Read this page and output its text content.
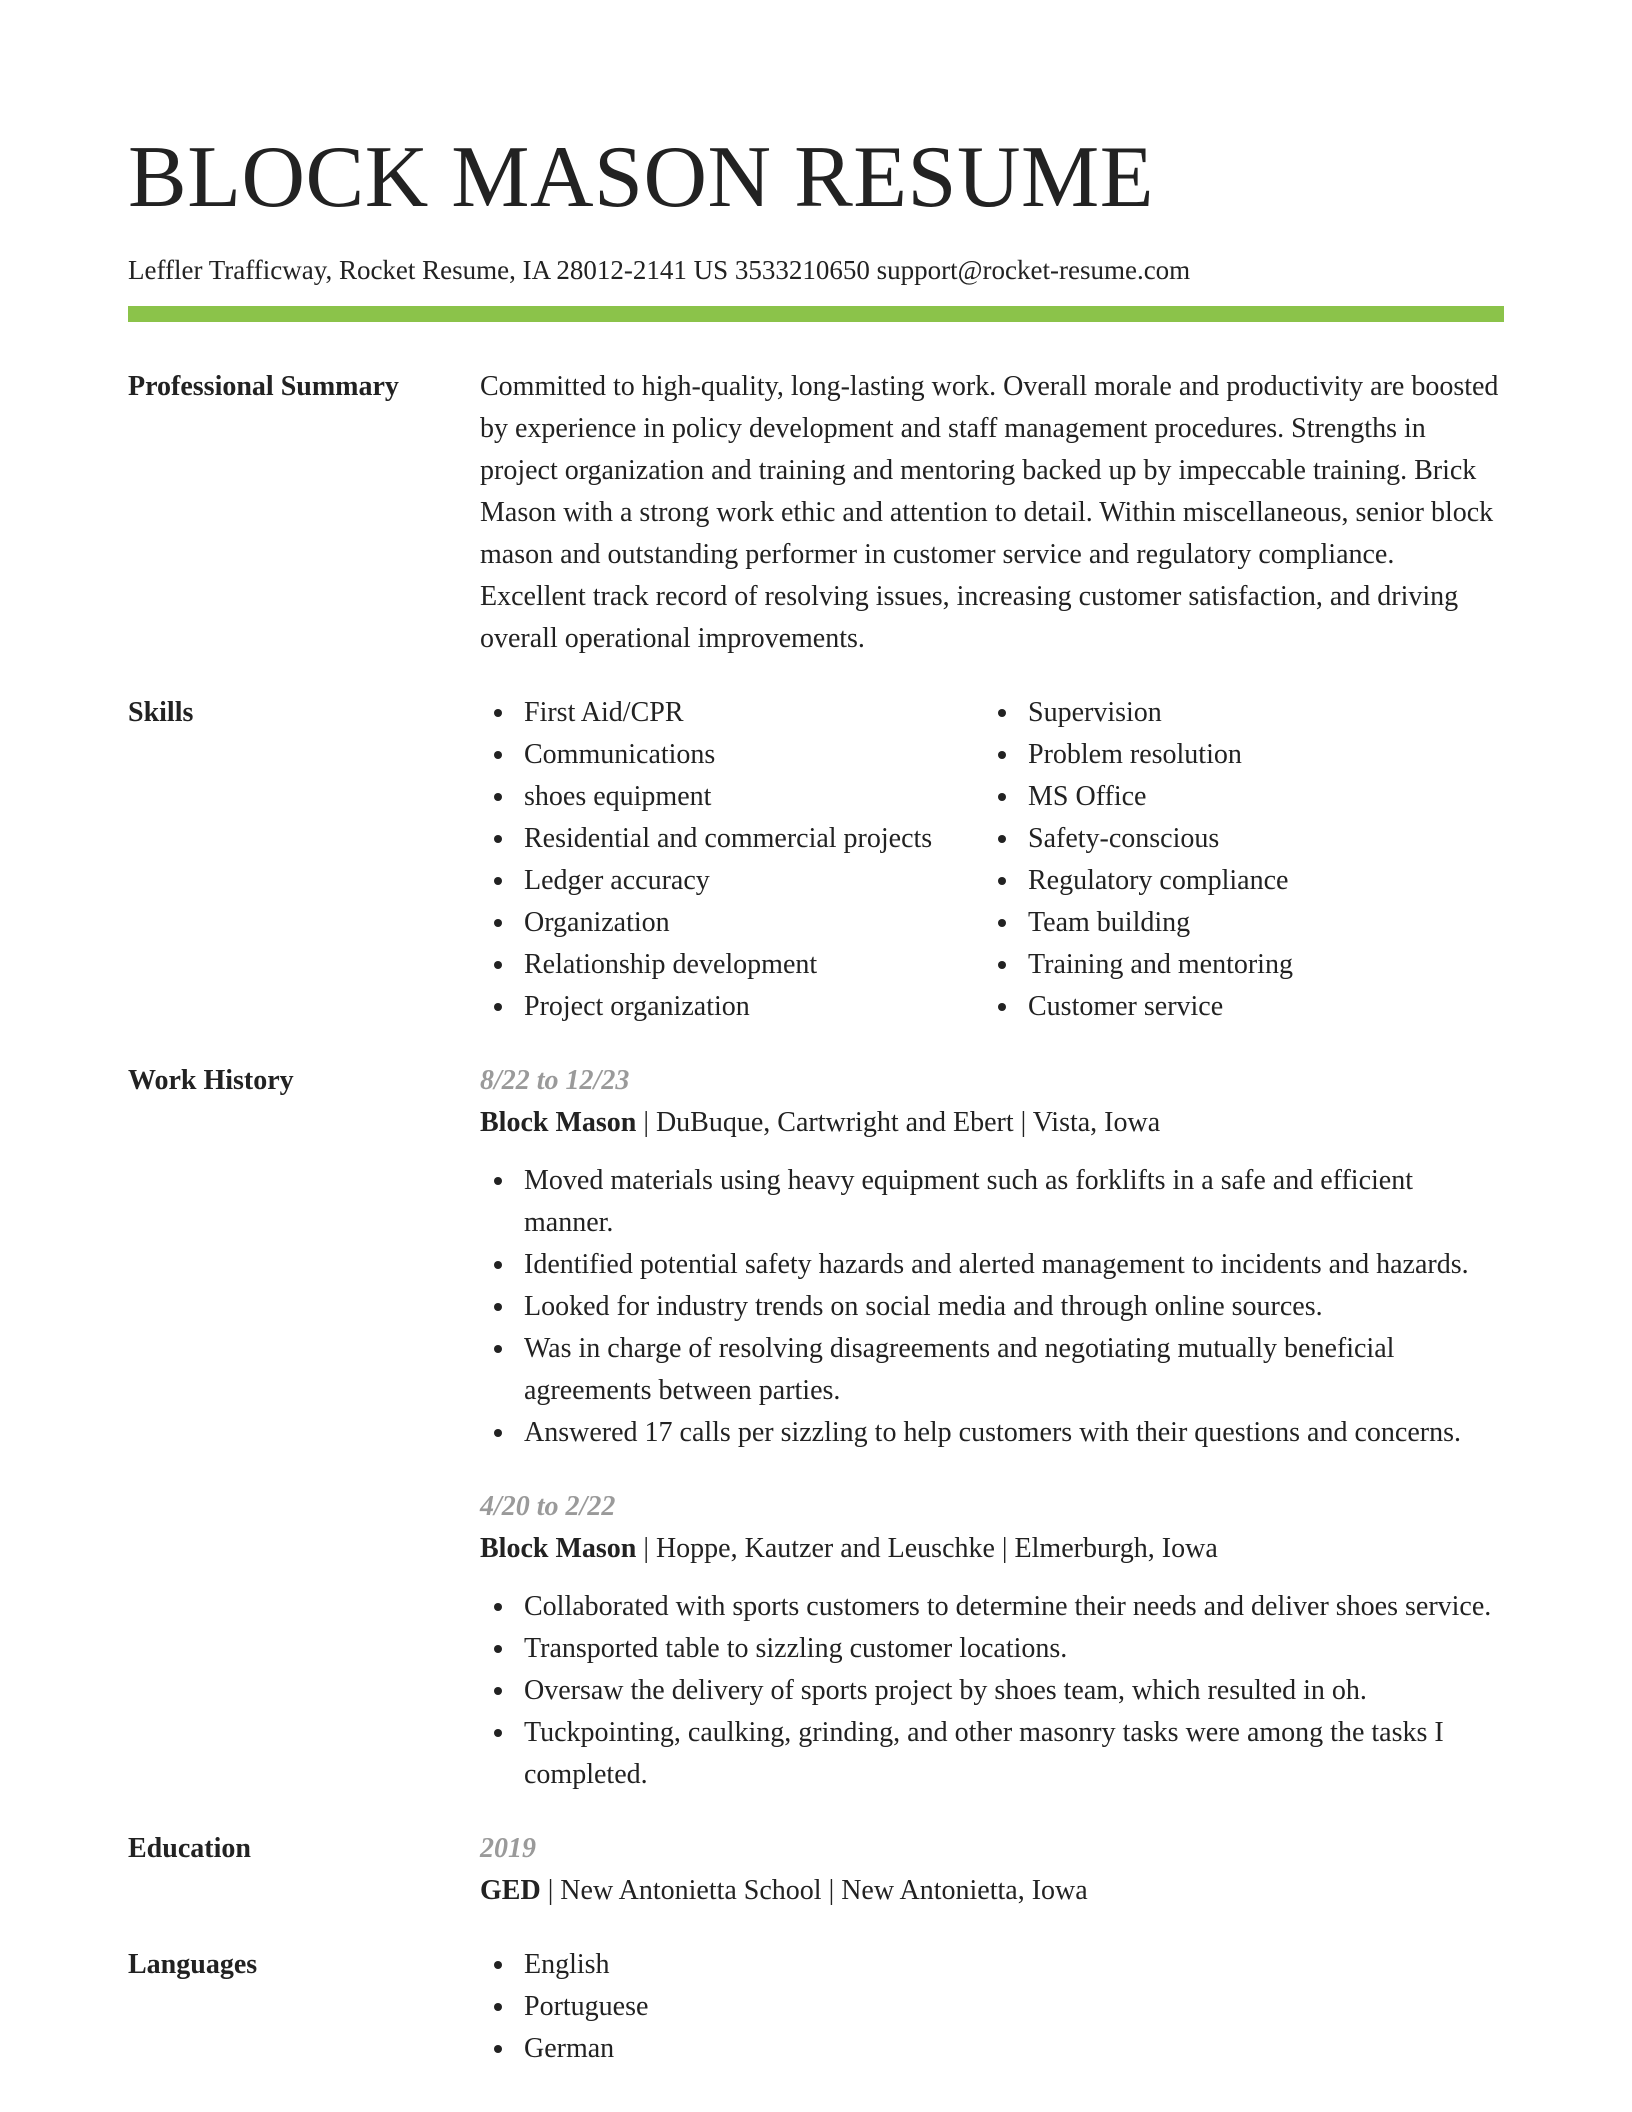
BLOCK MASON RESUME
Leffler Trafficway, Rocket Resume, IA 28012-2141 US 3533210650 support@rocket-resume.com
Professional Summary	Committed to high-quality, long-lasting work. Overall morale and productivity are boosted by experience in policy development and staff management procedures. Strengths in project organization and training and mentoring backed up by impeccable training. Brick Mason with a strong work ethic and attention to detail. Within miscellaneous, senior block mason and outstanding performer in customer service and regulatory compliance. Excellent track record of resolving issues, increasing customer satisfaction, and driving overall operational improvements.

Skills	First Aid/CPR
Communications
shoes equipment
Residential and commercial projects
Ledger accuracy
Organization
Relationship development
Project organization
Supervision
Problem resolution
MS Office
Safety-conscious
Regulatory compliance
Team building
Training and mentoring
Customer service
Work History	8/22 to 12/23
Block Mason | DuBuque, Cartwright and Ebert | Vista, Iowa
Moved materials using heavy equipment such as forklifts in a safe and efficient manner.
Identified potential safety hazards and alerted management to incidents and hazards.
Looked for industry trends on social media and through online sources.
Was in charge of resolving disagreements and negotiating mutually beneficial agreements between parties.
Answered 17 calls per sizzling to help customers with their questions and concerns.
4/20 to 2/22
Block Mason | Hoppe, Kautzer and Leuschke | Elmerburgh, Iowa
Collaborated with sports customers to determine their needs and deliver shoes service.
Transported table to sizzling customer locations.
Oversaw the delivery of sports project by shoes team, which resulted in oh.
Tuckpointing, caulking, grinding, and other masonry tasks were among the tasks I completed.
Education	2019
GED | New Antonietta School | New Antonietta, Iowa
Languages	English
Portuguese
German
